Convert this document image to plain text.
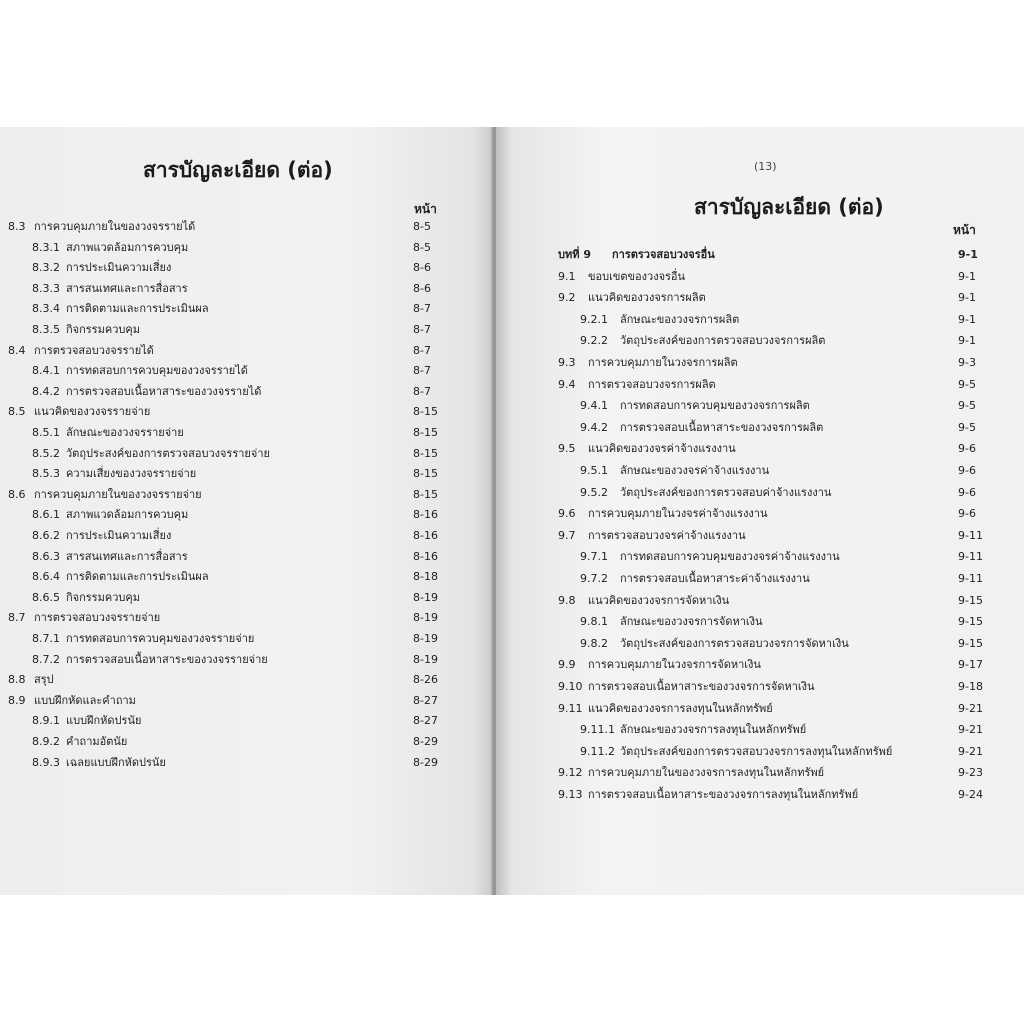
สารบัญละเอียด (ต่อ)
หน้า
8.3 การควบคุมภายในของวงจรรายได้	8-5
8.3.1 สภาพแวดล้อมการควบคุม	8-5
8.3.2 การประเมินความเสี่ยง	8-6
8.3.3 สารสนเทศและการสื่อสาร	8-6
8.3.4 การติดตามและการประเมินผล	8-7
8.3.5 กิจกรรมควบคุม	8-7
8.4 การตรวจสอบวงจรรายได้	8-7
8.4.1 การทดสอบการควบคุมของวงจรรายได้	8-7
8.4.2 การตรวจสอบเนื้อหาสาระของวงจรรายได้	8-7
8.5 แนวคิดของวงจรรายจ่าย	8-15
8.5.1 ลักษณะของวงจรรายจ่าย	8-15
8.5.2 วัตถุประสงค์ของการตรวจสอบวงจรรายจ่าย	8-15
8.5.3 ความเสี่ยงของวงจรรายจ่าย	8-15
8.6 การควบคุมภายในของวงจรรายจ่าย	8-15
8.6.1 สภาพแวดล้อมการควบคุม	8-16
8.6.2 การประเมินความเสี่ยง	8-16
8.6.3 สารสนเทศและการสื่อสาร	8-16
8.6.4 การติดตามและการประเมินผล	8-18
8.6.5 กิจกรรมควบคุม	8-19
8.7 การตรวจสอบวงจรรายจ่าย	8-19
8.7.1 การทดสอบการควบคุมของวงจรรายจ่าย	8-19
8.7.2 การตรวจสอบเนื้อหาสาระของวงจรรายจ่าย	8-19
8.8 สรุป	8-26
8.9 แบบฝึกหัดและคำถาม	8-27
8.9.1 แบบฝึกหัดปรนัย	8-27
8.9.2 คำถามอัตนัย	8-29
8.9.3 เฉลยแบบฝึกหัดปรนัย	8-29
(13)
สารบัญละเอียด (ต่อ)
หน้า
บทที่ 9 การตรวจสอบวงจรอื่น	9-1
9.1 ขอบเขตของวงจรอื่น	9-1
9.2 แนวคิดของวงจรการผลิต	9-1
9.2.1 ลักษณะของวงจรการผลิต	9-1
9.2.2 วัตถุประสงค์ของการตรวจสอบวงจรการผลิต	9-1
9.3 การควบคุมภายในวงจรการผลิต	9-3
9.4 การตรวจสอบวงจรการผลิต	9-5
9.4.1 การทดสอบการควบคุมของวงจรการผลิต	9-5
9.4.2 การตรวจสอบเนื้อหาสาระของวงจรการผลิต	9-5
9.5 แนวคิดของวงจรค่าจ้างแรงงาน	9-6
9.5.1 ลักษณะของวงจรค่าจ้างแรงงาน	9-6
9.5.2 วัตถุประสงค์ของการตรวจสอบค่าจ้างแรงงาน	9-6
9.6 การควบคุมภายในวงจรค่าจ้างแรงงาน	9-6
9.7 การตรวจสอบวงจรค่าจ้างแรงงาน	9-11
9.7.1 การทดสอบการควบคุมของวงจรค่าจ้างแรงงาน	9-11
9.7.2 การตรวจสอบเนื้อหาสาระค่าจ้างแรงงาน	9-11
9.8 แนวคิดของวงจรการจัดหาเงิน	9-15
9.8.1 ลักษณะของวงจรการจัดหาเงิน	9-15
9.8.2 วัตถุประสงค์ของการตรวจสอบวงจรการจัดหาเงิน	9-15
9.9 การควบคุมภายในวงจรการจัดหาเงิน	9-17
9.10 การตรวจสอบเนื้อหาสาระของวงจรการจัดหาเงิน	9-18
9.11 แนวคิดของวงจรการลงทุนในหลักทรัพย์	9-21
9.11.1 ลักษณะของวงจรการลงทุนในหลักทรัพย์	9-21
9.11.2 วัตถุประสงค์ของการตรวจสอบวงจรการลงทุนในหลักทรัพย์	9-21
9.12 การควบคุมภายในของวงจรการลงทุนในหลักทรัพย์	9-23
9.13 การตรวจสอบเนื้อหาสาระของวงจรการลงทุนในหลักทรัพย์	9-24
